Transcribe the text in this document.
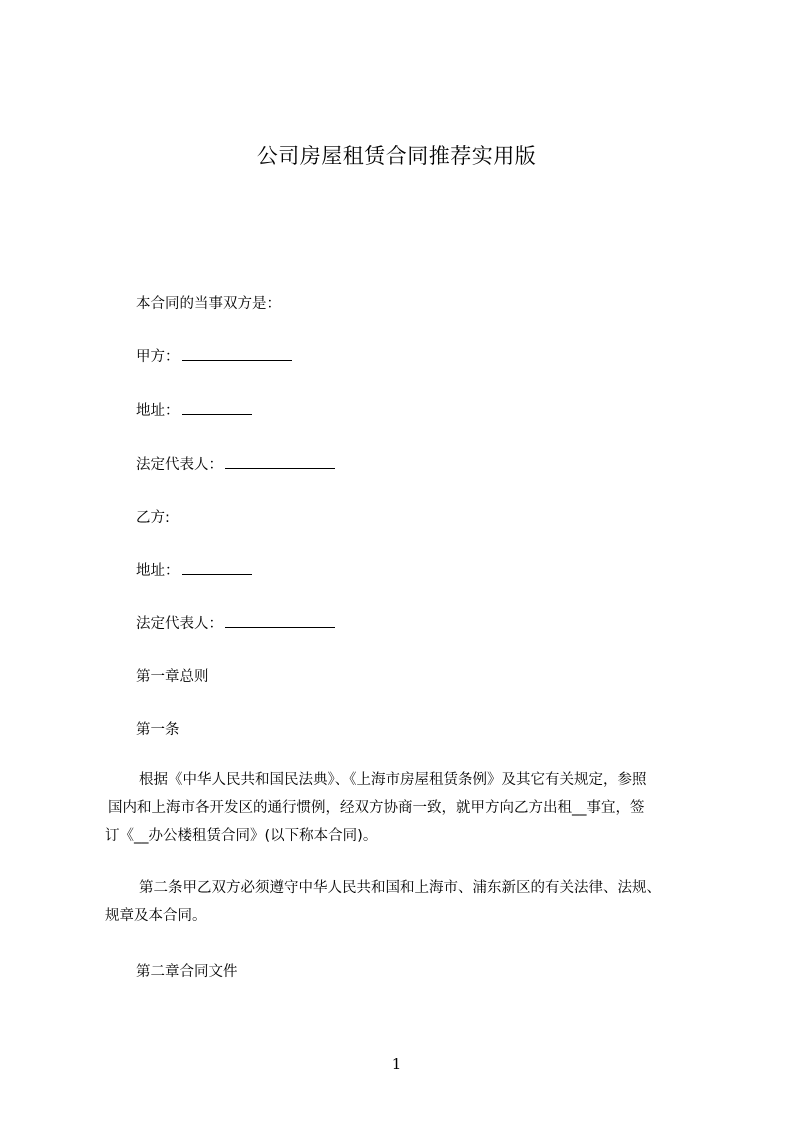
公司房屋租赁合同推荐实用版
本合同的当事双方是：
甲方：
地址：
法定代表人：
乙方:
地址：
法定代表人：
第一章总则
第一条
根据《中华人民共和国民法典》、《上海市房屋租赁条例》及其它有关规定，参照
国内和上海市各开发区的通行惯例，经双方协商一致，就甲方向乙方出租__事宜，签
订《__办公楼租赁合同》(以下称本合同)。
第二条甲乙双方必须遵守中华人民共和国和上海市、浦东新区的有关法律、法规、
规章及本合同。
第二章合同文件
1
